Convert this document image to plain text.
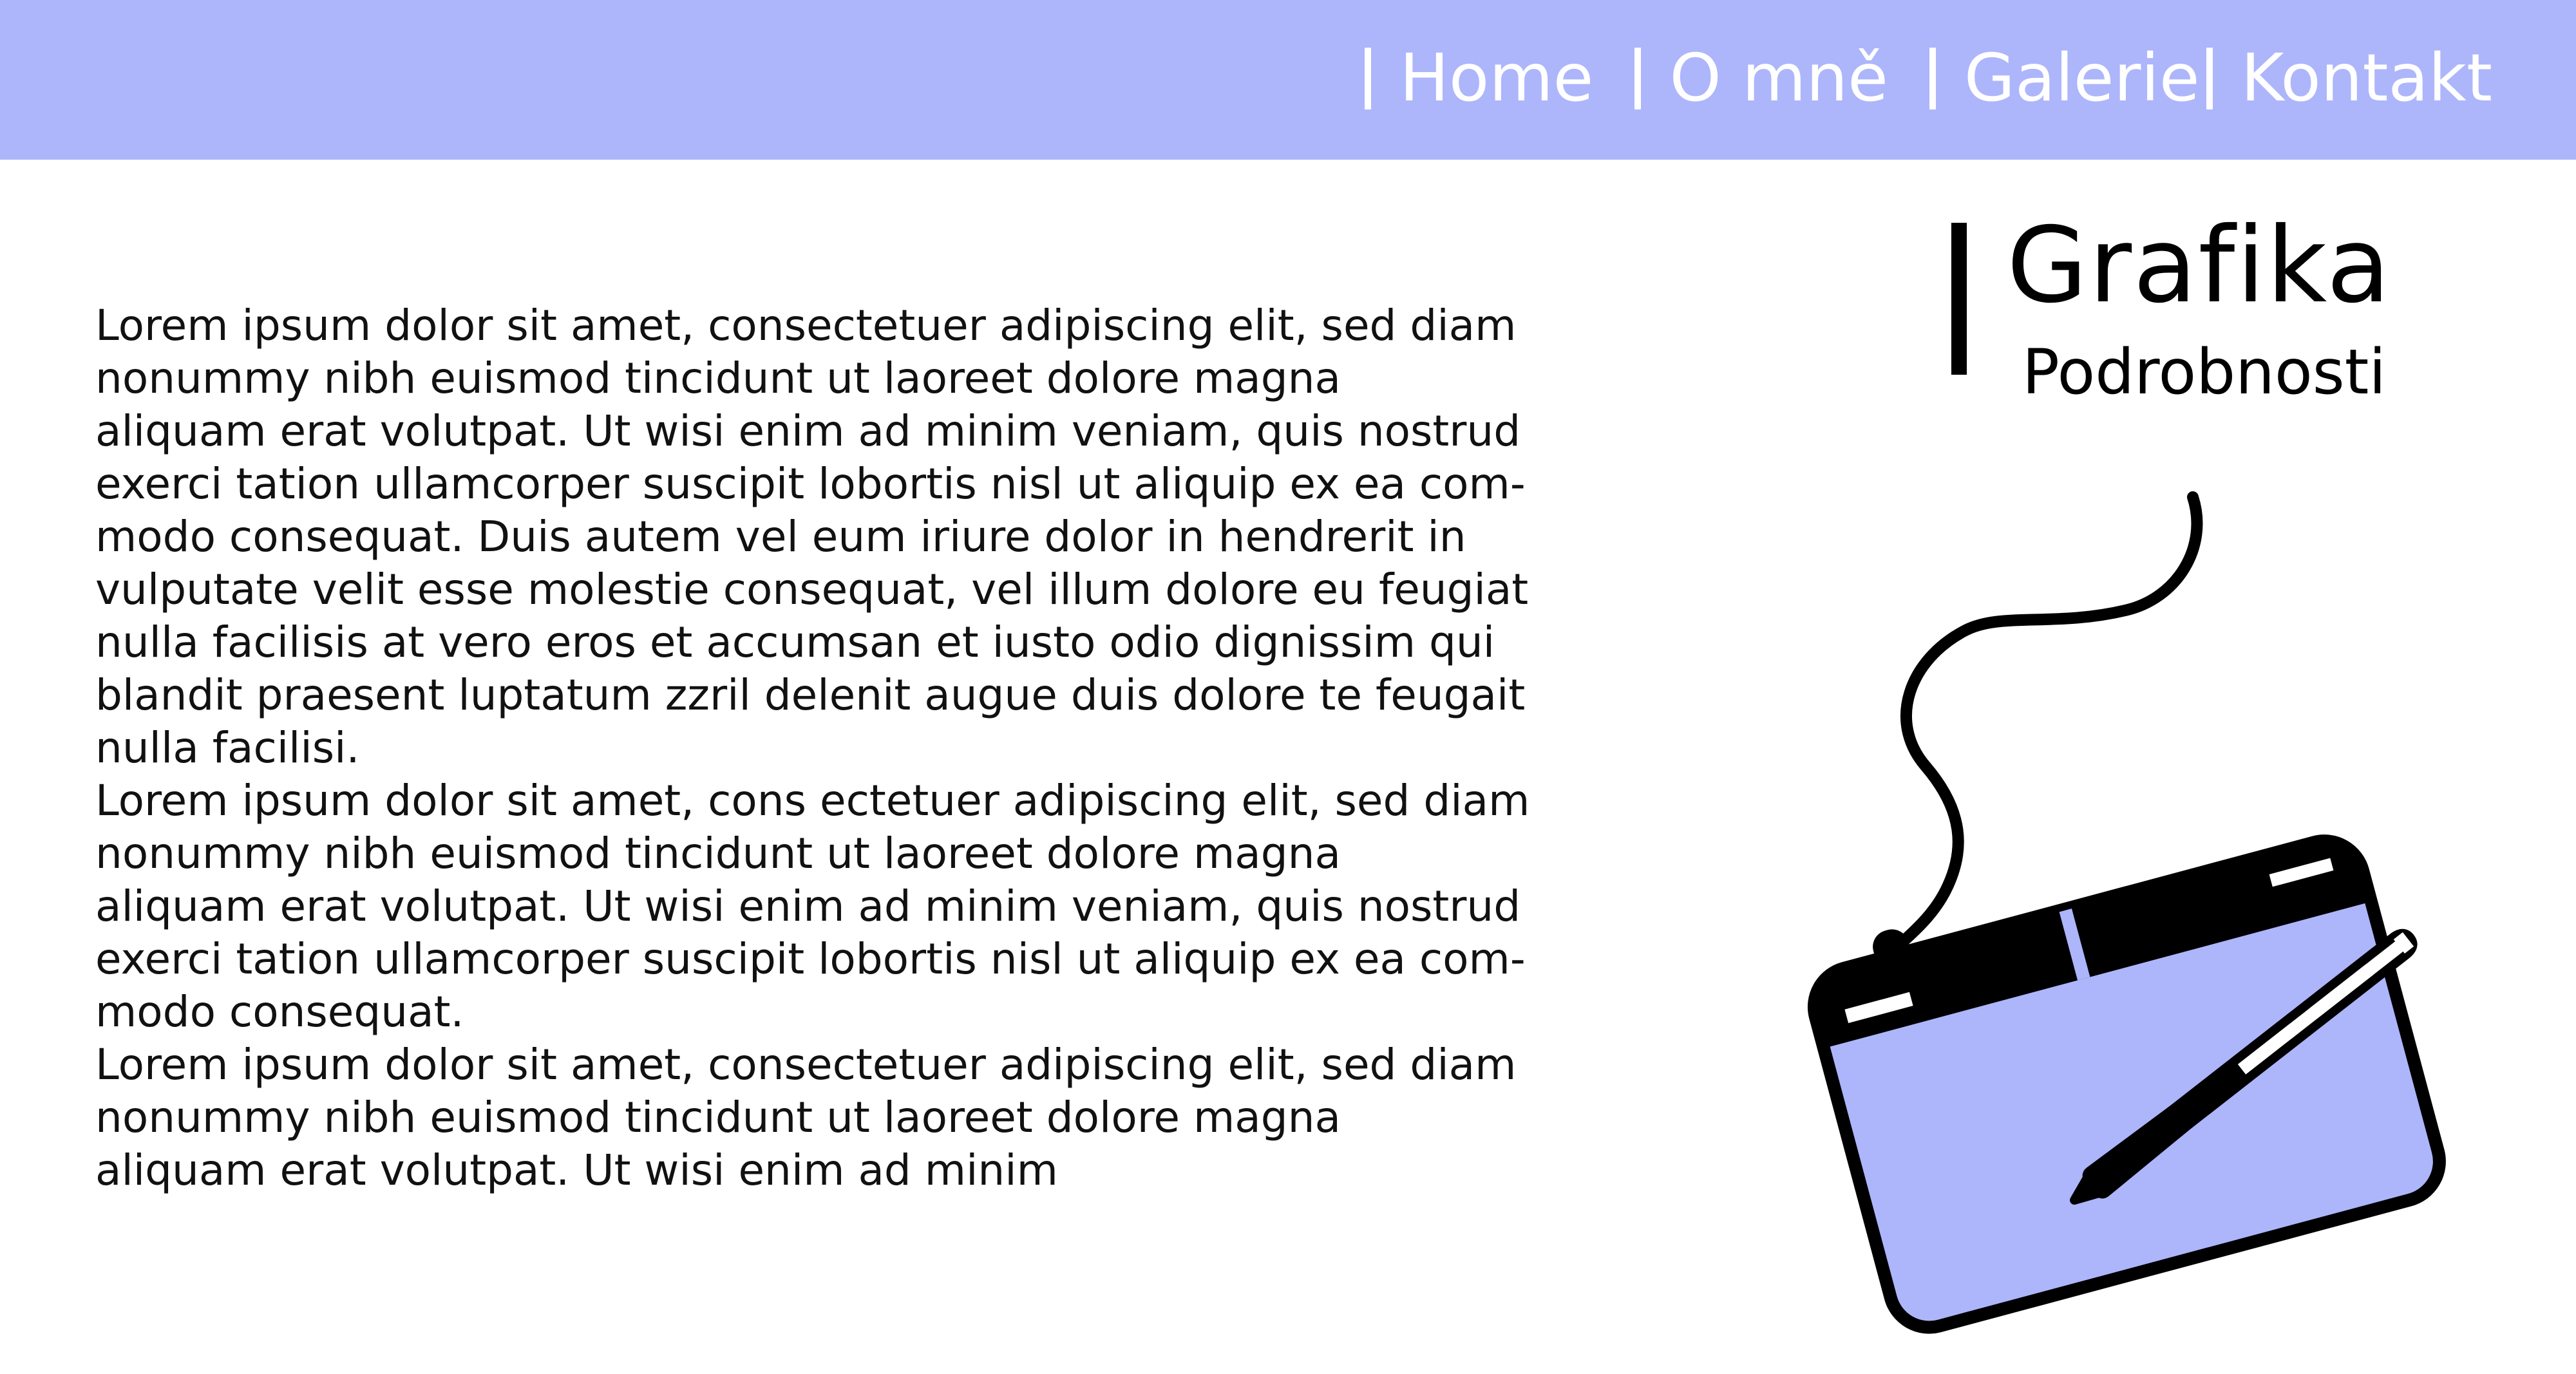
Home O mně Galerie Kontakt

Lorem ipsum dolor sit amet, consectetuer adipiscing elit, sed diam
nonummy nibh euismod tincidunt ut laoreet dolore magna
aliquam erat volutpat. Ut wisi enim ad minim veniam, quis nostrud
exerci tation ullamcorper suscipit lobortis nisl ut aliquip ex ea com-
modo consequat. Duis autem vel eum iriure dolor in hendrerit in
vulputate velit esse molestie consequat, vel illum dolore eu feugiat
nulla facilisis at vero eros et accumsan et iusto odio dignissim qui
blandit praesent luptatum zzril delenit augue duis dolore te feugait
nulla facilisi.

Lorem ipsum dolor sit amet, cons ectetuer adipiscing elit, sed diam
nonummy nibh euismod tincidunt ut laoreet dolore magna
aliquam erat volutpat. Ut wisi enim ad minim veniam, quis nostrud
exerci tation ullamcorper suscipit lobortis nisl ut aliquip ex ea com-
modo consequat.

Lorem ipsum dolor sit amet, consectetuer adipiscing elit, sed diam
nonummy nibh euismod tincidunt ut laoreet dolore magna
aliquam erat volutpat. Ut wisi enim ad minim

Grafika
Podrobnosti
